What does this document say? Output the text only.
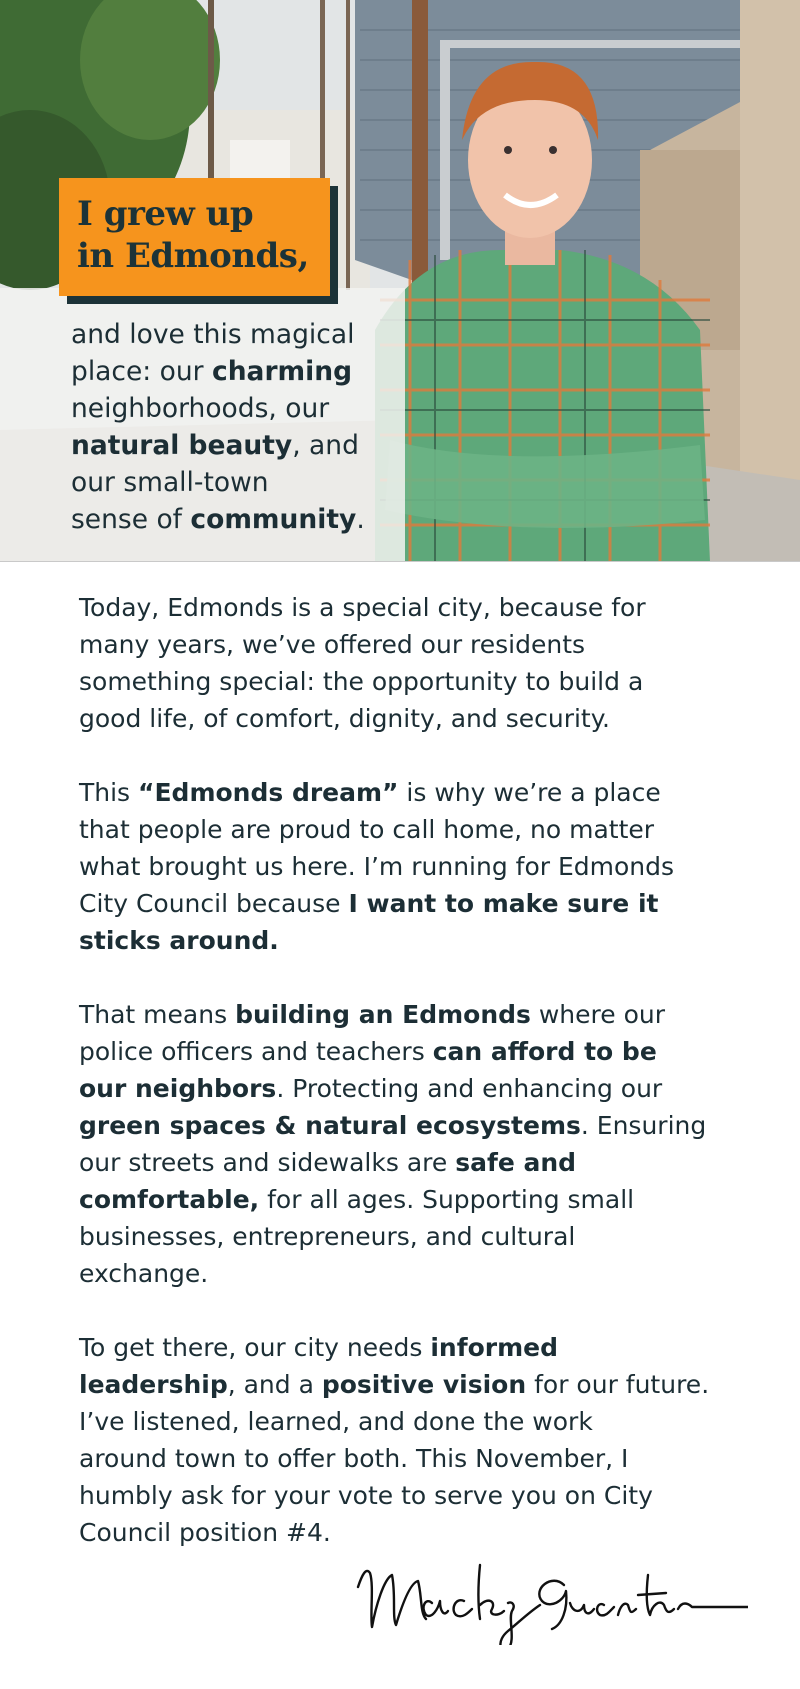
I grew up
in Edmonds,
and love this magical
place: our charming
neighborhoods, our
natural beauty, and
our small-town
sense of community.

Today, Edmonds is a special city, because for
many years, we’ve offered our residents
something special: the opportunity to build a
good life, of comfort, dignity, and security.

This “Edmonds dream” is why we’re a place
that people are proud to call home, no matter
what brought us here. I’m running for Edmonds
City Council because I want to make sure it
sticks around.

That means building an Edmonds where our
police officers and teachers can afford to be
our neighbors. Protecting and enhancing our
green spaces & natural ecosystems. Ensuring
our streets and sidewalks are safe and
comfortable, for all ages. Supporting small
businesses, entrepreneurs, and cultural
exchange.

To get there, our city needs informed
leadership, and a positive vision for our future.
I’ve listened, learned, and done the work
around town to offer both. This November, I
humbly ask for your vote to serve you on City
Council position #4.
